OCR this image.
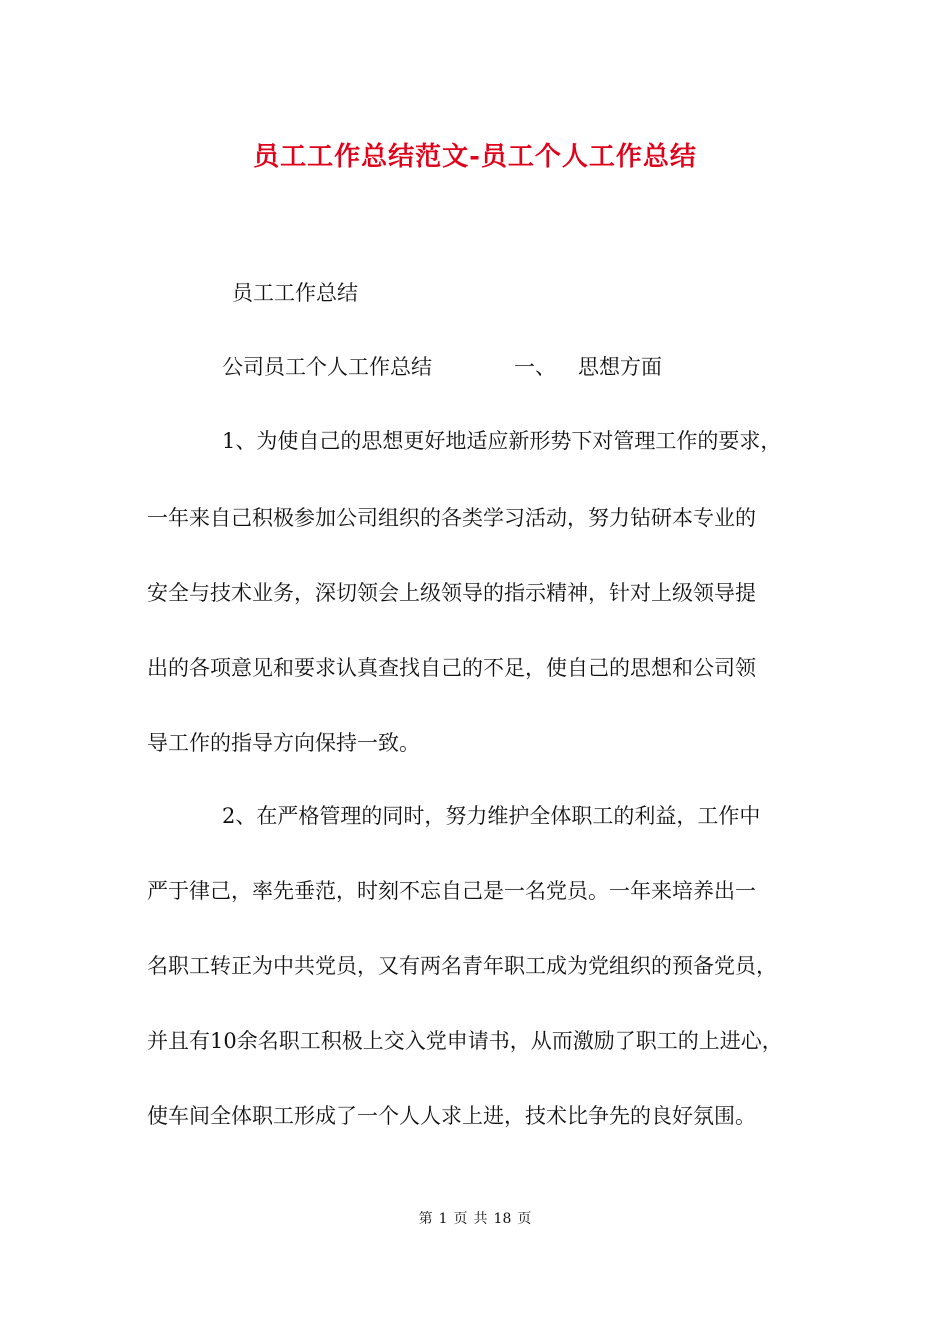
员工工作总结范文-员工个人工作总结
员工工作总结
公司员工个人工作总结	一、 思想方面
1、为使自己的思想更好地适应新形势下对管理工作的要求，
一年来自己积极参加公司组织的各类学习活动，努力钻研本专业的
安全与技术业务，深切领会上级领导的指示精神，针对上级领导提
出的各项意见和要求认真查找自己的不足，使自己的思想和公司领
导工作的指导方向保持一致。
2、在严格管理的同时，努力维护全体职工的利益，工作中
严于律己，率先垂范，时刻不忘自己是一名党员。一年来培养出一
名职工转正为中共党员，又有两名青年职工成为党组织的预备党员，
并且有10余名职工积极上交入党申请书，从而激励了职工的上进心，
使车间全体职工形成了一个人人求上进，技术比争先的良好氛围。
第 1 页 共 18 页
